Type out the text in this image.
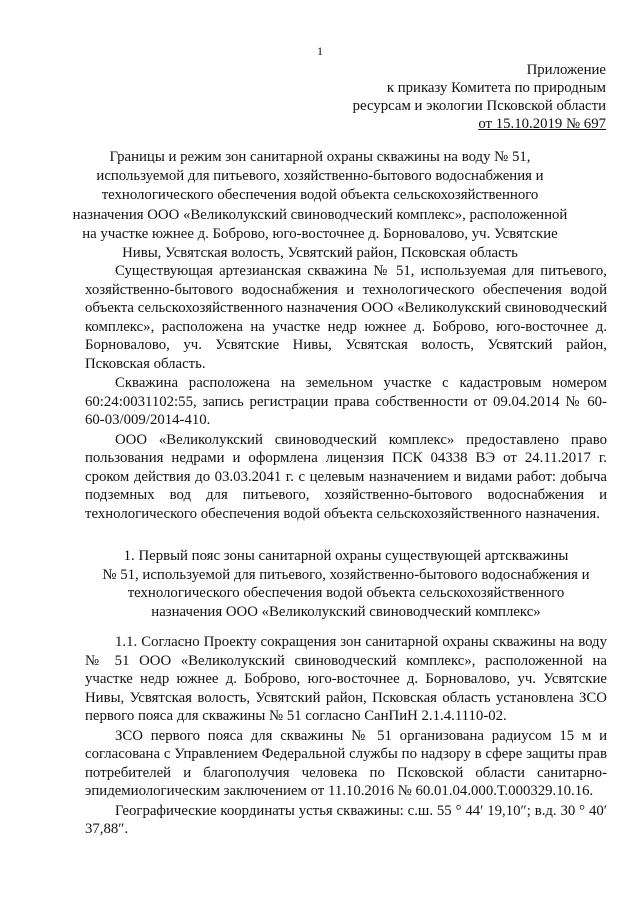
1
Приложение
к приказу Комитета по природным
ресурсам и экологии Псковской области
от 15.10.2019 № 697
Границы и режим зон санитарной охраны скважины на воду № 51,
используемой для питьевого, хозяйственно-бытового водоснабжения и
технологического обеспечения водой объекта сельскохозяйственного
назначения ООО «Великолукский свиноводческий комплекс», расположенной
на участке южнее д. Боброво, юго-восточнее д. Борновалово, уч. Усвятские
Нивы, Усвятская волость, Усвятский район, Псковская область

Существующая артезианская скважина № 51, используемая для питьевого, хозяйственно-бытового водоснабжения и технологического обеспечения водой объекта сельскохозяйственного назначения ООО «Великолукский свиноводческий комплекс», расположена на участке недр южнее д. Боброво, юго-восточнее д. Борновалово, уч. Усвятские Нивы, Усвятская волость, Усвятский район, Псковская область.

Скважина расположена на земельном участке с кадастровым номером 60:24:0031102:55, запись регистрации права собственности от 09.04.2014 № 60-60-03/009/2014-410.

ООО «Великолукский свиноводческий комплекс» предоставлено право пользования недрами и оформлена лицензия ПСК 04338 ВЭ от 24.11.2017 г. сроком действия до 03.03.2041 г. с целевым назначением и видами работ: добыча подземных вод для питьевого, хозяйственно-бытового водоснабжения и технологического обеспечения водой объекта сельскохозяйственного назначения.

1. Первый пояс зоны санитарной охраны существующей артскважины
№ 51, используемой для питьевого, хозяйственно-бытового водоснабжения и
технологического обеспечения водой объекта сельскохозяйственного
назначения ООО «Великолукский свиноводческий комплекс»

1.1. Согласно Проекту сокращения зон санитарной охраны скважины на воду № 51 ООО «Великолукский свиноводческий комплекс», расположенной на участке недр южнее д. Боброво, юго-восточнее д. Борновалово, уч. Усвятские Нивы, Усвятская волость, Усвятский район, Псковская область установлена ЗСО первого пояса для скважины № 51 согласно СанПиН 2.1.4.1110-02.

ЗСО первого пояса для скважины № 51 организована радиусом 15 м и согласована с Управлением Федеральной службы по надзору в сфере защиты прав потребителей и благополучия человека по Псковской области санитарно-эпидемиологическим заключением от 11.10.2016 № 60.01.04.000.Т.000329.10.16.

Географические координаты устья скважины: с.ш. 55 ° 44′ 19,10″; в.д. 30 ° 40′ 37,88″.
